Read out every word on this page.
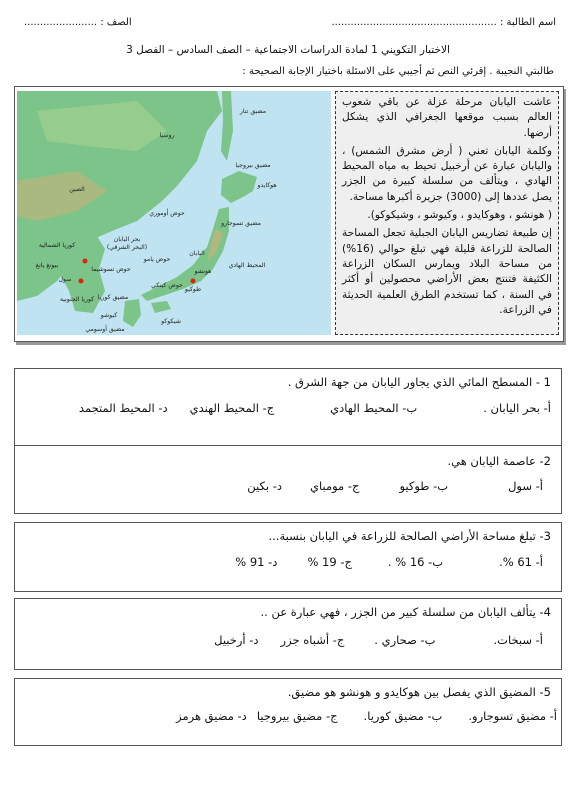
اسم الطالبة : ....................................................
الصف : .......................
الاختبار التكويني 1 لمادة الدراسات الاجتماعية – الصف السادس – الفصل 3
طالبتي النجيبة . إقرئي النص ثم أجيبي على الاسئلة باختيار الإجابة الصحيحة :

عاشت اليابان مرحلة عزلة عن باقي شعوب العالم بسبب موقعها الجغرافي الذي يشكل أرضها.

وكلمة اليابان تعني ( أرض مشرق الشمس) ، واليابان عبارة عن أرخبيل تحيط به مياه المحيط الهادي ، ويتألف من سلسلة كبيرة من الجزر يصل عددها إلى (3000) جزيرة أكبرها مساحة.

( هونشو ، وهوكايدو ، وكيوشو ، وشيكوكو).

إن طبيعة تضاريس اليابان الجبلية تجعل المساحة الصالحة للزراعة قليلة فهي تبلغ حوالي (16%) من مساحة البلاد ويمارس السكان الزراعة الكثيفة فتنتج بعض الأراضي محصولين أو أكثر في السنة ، كما تستخدم الطرق العلمية الحديثة في الزراعة.

روسيا
الصين
مضيق تتار
هوكايدو
مضيق بيروجيا
بحر اليابان
(البحر الشرقي)
كوريا الشمالية
بيونغ يانغ
سول
كوريا الجنوبية
مضيق تسوجارو
حوض أوموري
حوض يامو
حوض تسوشيما
اليابان
هونشو
طوكيو
المحيط الهادي
مضيق كوريا
كيوشو
شيكوكو
مضيق أوسومي
حوض كينكي
1 - المسطح المائي الذي يجاور اليابان من جهة الشرق .
أ- بحر اليابان .
ب- المحيط الهادي
ج- المحيط الهندي
د- المحيط المتجمد
2- عاصمة اليابان هي.
أ- سول
ب- طوكيو
ج- مومباي
د- بكين
3- تبلغ مساحة الأراضي الصالحة للزراعة في اليابان بنسبة...
أ- 61 %.
ب- 16 % .
ج- 19 %
د- 91 %
4- يتألف اليابان من سلسلة كبير من الجزر ، فهي عبارة عن ..
أ- سبخات.
ب- صحاري .
ج- أشباه جزر
د- أرخبيل
5- المضيق الذي يفصل بين هوكايدو و هونشو هو مضيق.
أ- مضيق تسوجارو.
ب- مضيق كوريا.
ج- مضيق بيروجيا
د- مضيق هرمز
